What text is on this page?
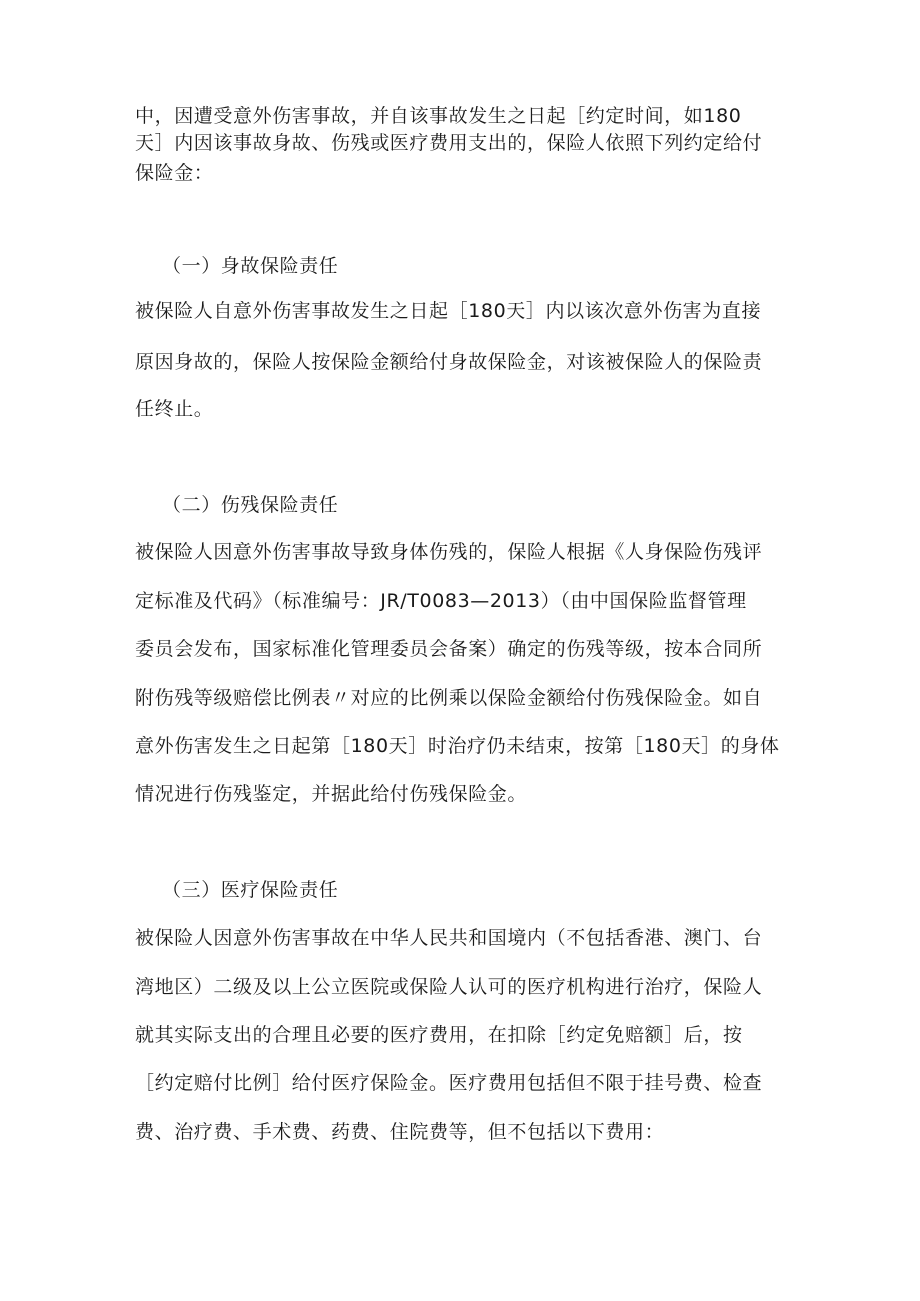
中，因遭受意外伤害事故，并自该事故发生之日起［约定时间，如180
天］内因该事故身故、伤残或医疗费用支出的，保险人依照下列约定给付
保险金：
（一）身故保险责任
被保险人自意外伤害事故发生之日起［180天］内以该次意外伤害为直接
原因身故的，保险人按保险金额给付身故保险金，对该被保险人的保险责
任终止。
（二）伤残保险责任
被保险人因意外伤害事故导致身体伤残的，保险人根据《人身保险伤残评
定标准及代码》（标准编号：JR/T0083—2013）（由中国保险监督管理
委员会发布，国家标准化管理委员会备案）确定的伤残等级，按本合同所
附伤残等级赔偿比例表〃对应的比例乘以保险金额给付伤残保险金。如自
意外伤害发生之日起第［180天］时治疗仍未结束，按第［180天］的身体
情况进行伤残鉴定，并据此给付伤残保险金。
（三）医疗保险责任
被保险人因意外伤害事故在中华人民共和国境内（不包括香港、澳门、台
湾地区）二级及以上公立医院或保险人认可的医疗机构进行治疗，保险人
就其实际支出的合理且必要的医疗费用，在扣除［约定免赔额］后，按
［约定赔付比例］给付医疗保险金。医疗费用包括但不限于挂号费、检查
费、治疗费、手术费、药费、住院费等，但不包括以下费用：
